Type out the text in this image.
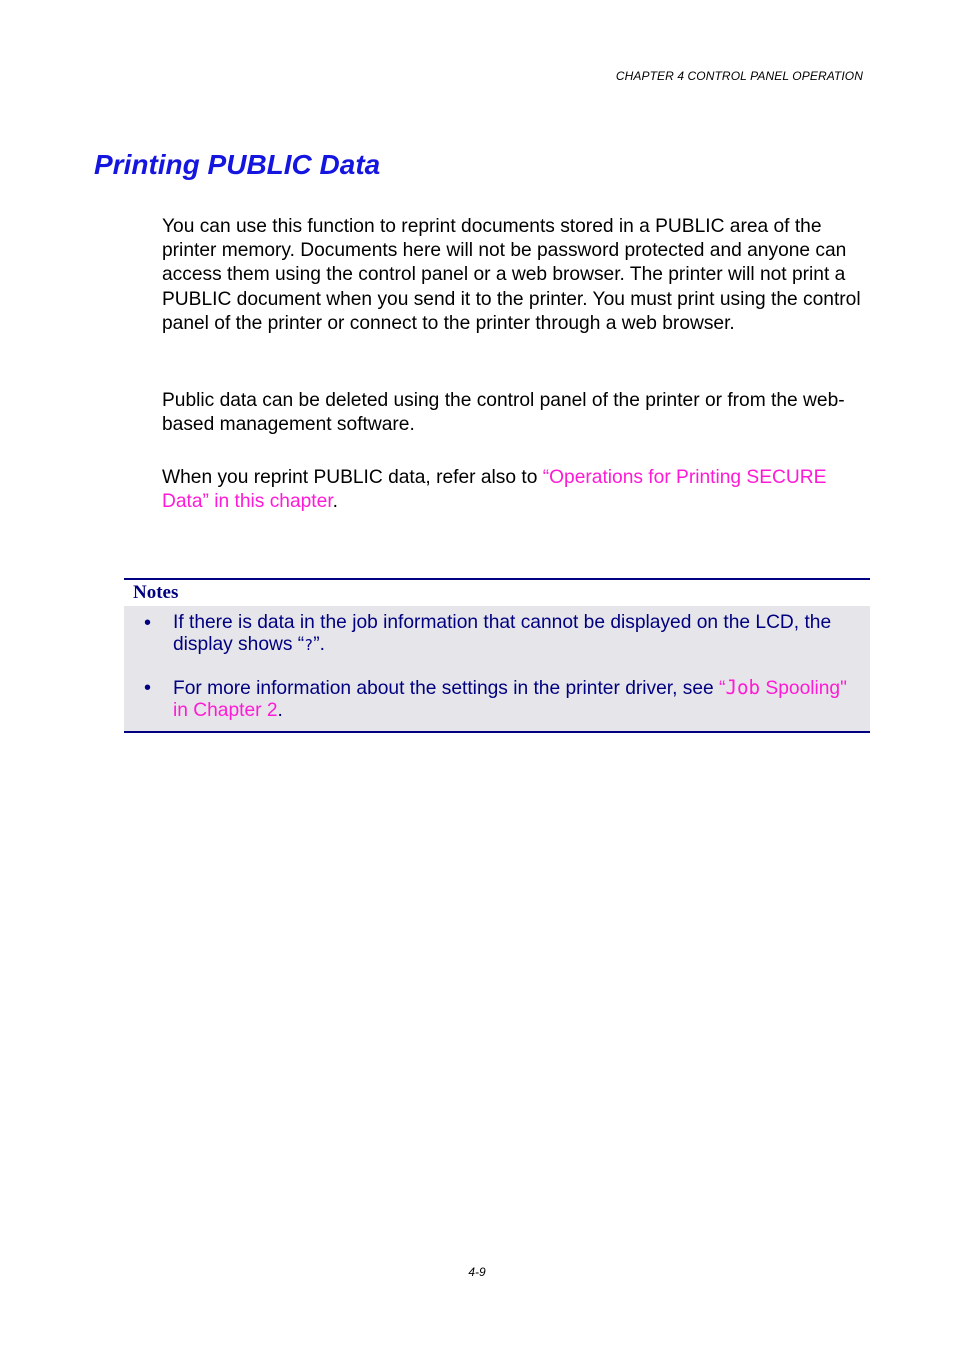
CHAPTER 4 CONTROL PANEL OPERATION
Printing PUBLIC Data

You can use this function to reprint documents stored in a PUBLIC area of the printer memory. Documents here will not be password protected and anyone can access them using the control panel or a web browser. The printer will not print a PUBLIC document when you send it to the printer. You must print using the control panel of the printer or connect to the printer through a web browser.

Public data can be deleted using the control panel of the printer or from the web-based management software.

When you reprint PUBLIC data, refer also to “Operations for Printing SECURE Data” in this chapter.

Notes
• If there is data in the job information that cannot be displayed on the LCD, the display shows “?”.
• For more information about the settings in the printer driver, see “Job Spooling" in Chapter 2.
4-9
